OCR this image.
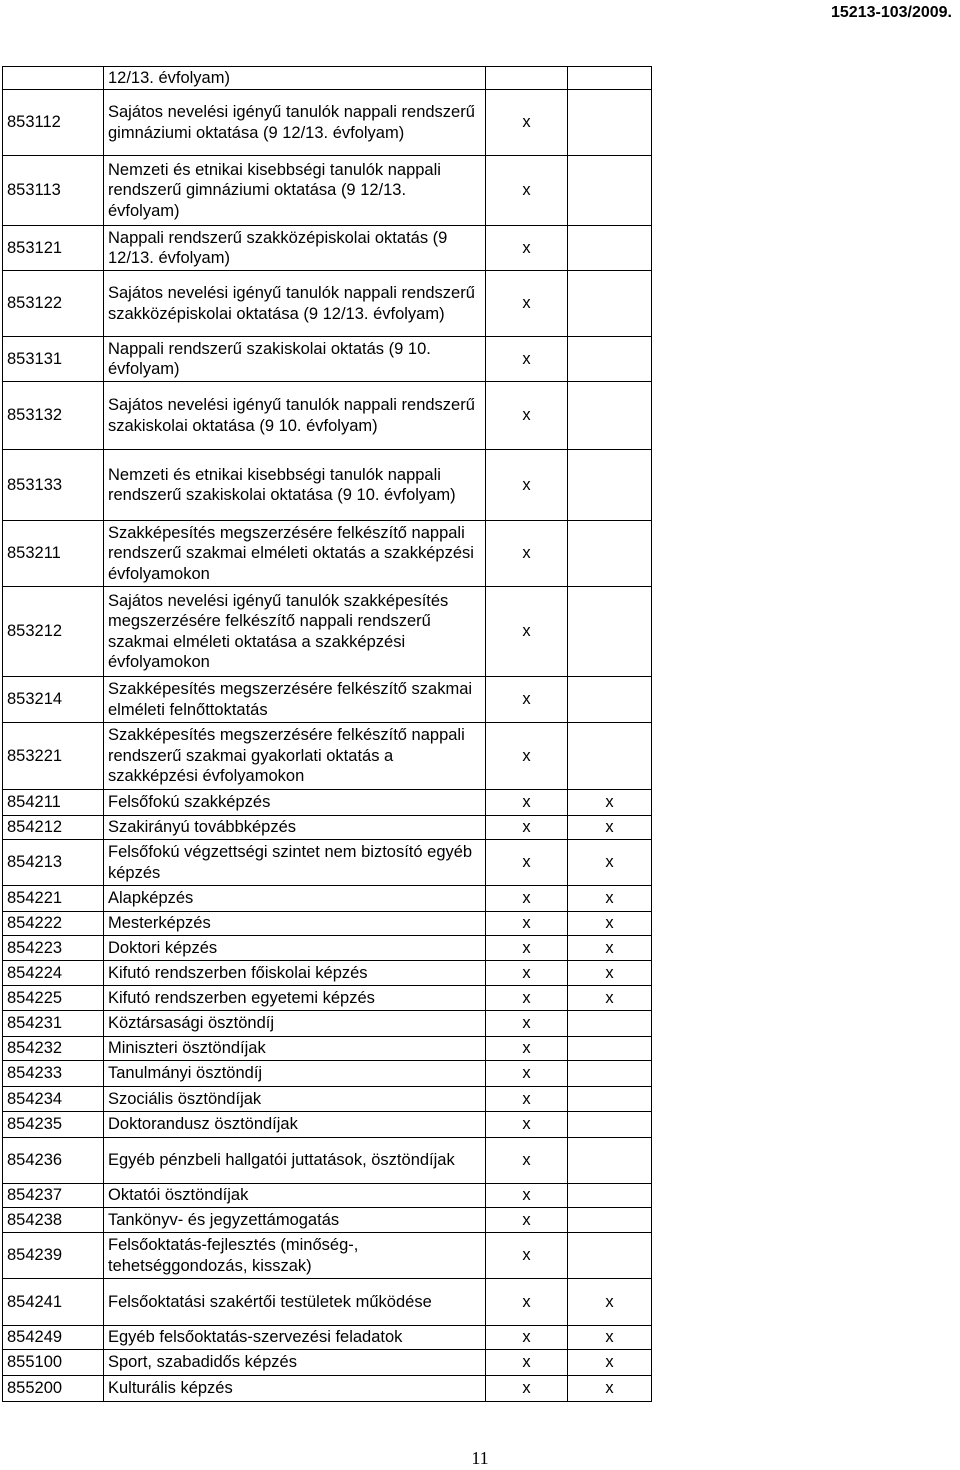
15213-103/2009.
	12/13. évfolyam)		
853112	Sajátos nevelési igényű tanulók nappali rendszerű gimnáziumi oktatása (9 12/13. évfolyam)	x	
853113	Nemzeti és etnikai kisebbségi tanulók nappali rendszerű gimnáziumi oktatása (9 12/13. évfolyam)	x	
853121	Nappali rendszerű szakközépiskolai oktatás (9 12/13. évfolyam)	x	
853122	Sajátos nevelési igényű tanulók nappali rendszerű szakközépiskolai oktatása (9 12/13. évfolyam)	x	
853131	Nappali rendszerű szakiskolai oktatás (9 10. évfolyam)	x	
853132	Sajátos nevelési igényű tanulók nappali rendszerű szakiskolai oktatása (9 10. évfolyam)	x	
853133	Nemzeti és etnikai kisebbségi tanulók nappali rendszerű szakiskolai oktatása (9 10. évfolyam)	x	
853211	Szakképesítés megszerzésére felkészítő nappali rendszerű szakmai elméleti oktatás a szakképzési évfolyamokon	x	
853212	Sajátos nevelési igényű tanulók szakképesítés megszerzésére felkészítő nappali rendszerű szakmai elméleti oktatása a szakképzési évfolyamokon	x	
853214	Szakképesítés megszerzésére felkészítő szakmai elméleti felnőttoktatás	x	
853221	Szakképesítés megszerzésére felkészítő nappali rendszerű szakmai gyakorlati oktatás a szakképzési évfolyamokon	x	
854211	Felsőfokú szakképzés	x	x
854212	Szakirányú továbbképzés	x	x
854213	Felsőfokú végzettségi szintet nem biztosító egyéb képzés	x	x
854221	Alapképzés	x	x
854222	Mesterképzés	x	x
854223	Doktori képzés	x	x
854224	Kifutó rendszerben főiskolai képzés	x	x
854225	Kifutó rendszerben egyetemi képzés	x	x
854231	Köztársasági ösztöndíj	x	
854232	Miniszteri ösztöndíjak	x	
854233	Tanulmányi ösztöndíj	x	
854234	Szociális ösztöndíjak	x	
854235	Doktorandusz ösztöndíjak	x	
854236	Egyéb pénzbeli hallgatói juttatások, ösztöndíjak	x	
854237	Oktatói ösztöndíjak	x	
854238	Tankönyv- és jegyzettámogatás	x	
854239	Felsőoktatás-fejlesztés (minőség-, tehetséggondozás, kisszak)	x	
854241	Felsőoktatási szakértői testületek működése	x	x
854249	Egyéb felsőoktatás-szervezési feladatok	x	x
855100	Sport, szabadidős képzés	x	x
855200	Kulturális képzés	x	x
11
